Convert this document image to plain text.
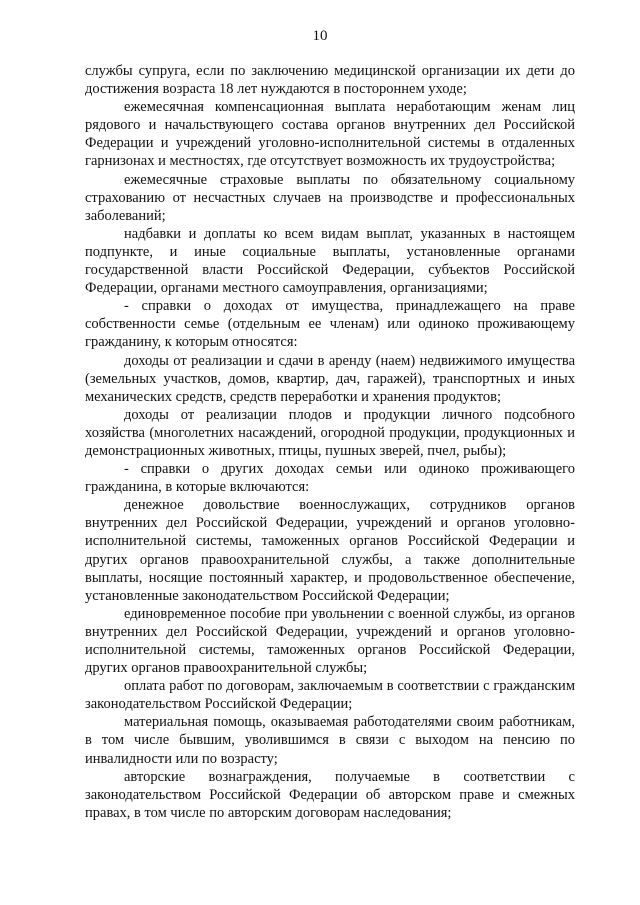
10

службы супруга, если по заключению медицинской организации их дети до достижения возраста 18 лет нуждаются в постороннем уходе;

ежемесячная компенсационная выплата неработающим женам лиц рядового и начальствующего состава органов внутренних дел Российской Федерации и учреждений уголовно-исполнительной системы в отдаленных гарнизонах и местностях, где отсутствует возможность их трудоустройства;

ежемесячные страховые выплаты по обязательному социальному страхованию от несчастных случаев на производстве и профессиональных заболеваний;

надбавки и доплаты ко всем видам выплат, указанных в настоящем подпункте, и иные социальные выплаты, установленные органами государственной власти Российской Федерации, субъектов Российской Федерации, органами местного самоуправления, организациями;

- справки о доходах от имущества, принадлежащего на праве собственности семье (отдельным ее членам) или одиноко проживающему гражданину, к которым относятся:

доходы от реализации и сдачи в аренду (наем) недвижимого имущества (земельных участков, домов, квартир, дач, гаражей), транспортных и иных механических средств, средств переработки и хранения продуктов;

доходы от реализации плодов и продукции личного подсобного хозяйства (многолетних насаждений, огородной продукции, продукционных и демонстрационных животных, птицы, пушных зверей, пчел, рыбы);

- справки о других доходах семьи или одиноко проживающего гражданина, в которые включаются:

денежное довольствие военнослужащих, сотрудников органов внутренних дел Российской Федерации, учреждений и органов уголовно-исполнительной системы, таможенных органов Российской Федерации и других органов правоохранительной службы, а также дополнительные выплаты, носящие постоянный характер, и продовольственное обеспечение, установленные законодательством Российской Федерации;

единовременное пособие при увольнении с военной службы, из органов внутренних дел Российской Федерации, учреждений и органов уголовно-исполнительной системы, таможенных органов Российской Федерации, других органов правоохранительной службы;

оплата работ по договорам, заключаемым в соответствии с гражданским законодательством Российской Федерации;

материальная помощь, оказываемая работодателями своим работникам, в том числе бывшим, уволившимся в связи с выходом на пенсию по инвалидности или по возрасту;

авторские вознаграждения, получаемые в соответствии с законодательством Российской Федерации об авторском праве и смежных правах, в том числе по авторским договорам наследования;
